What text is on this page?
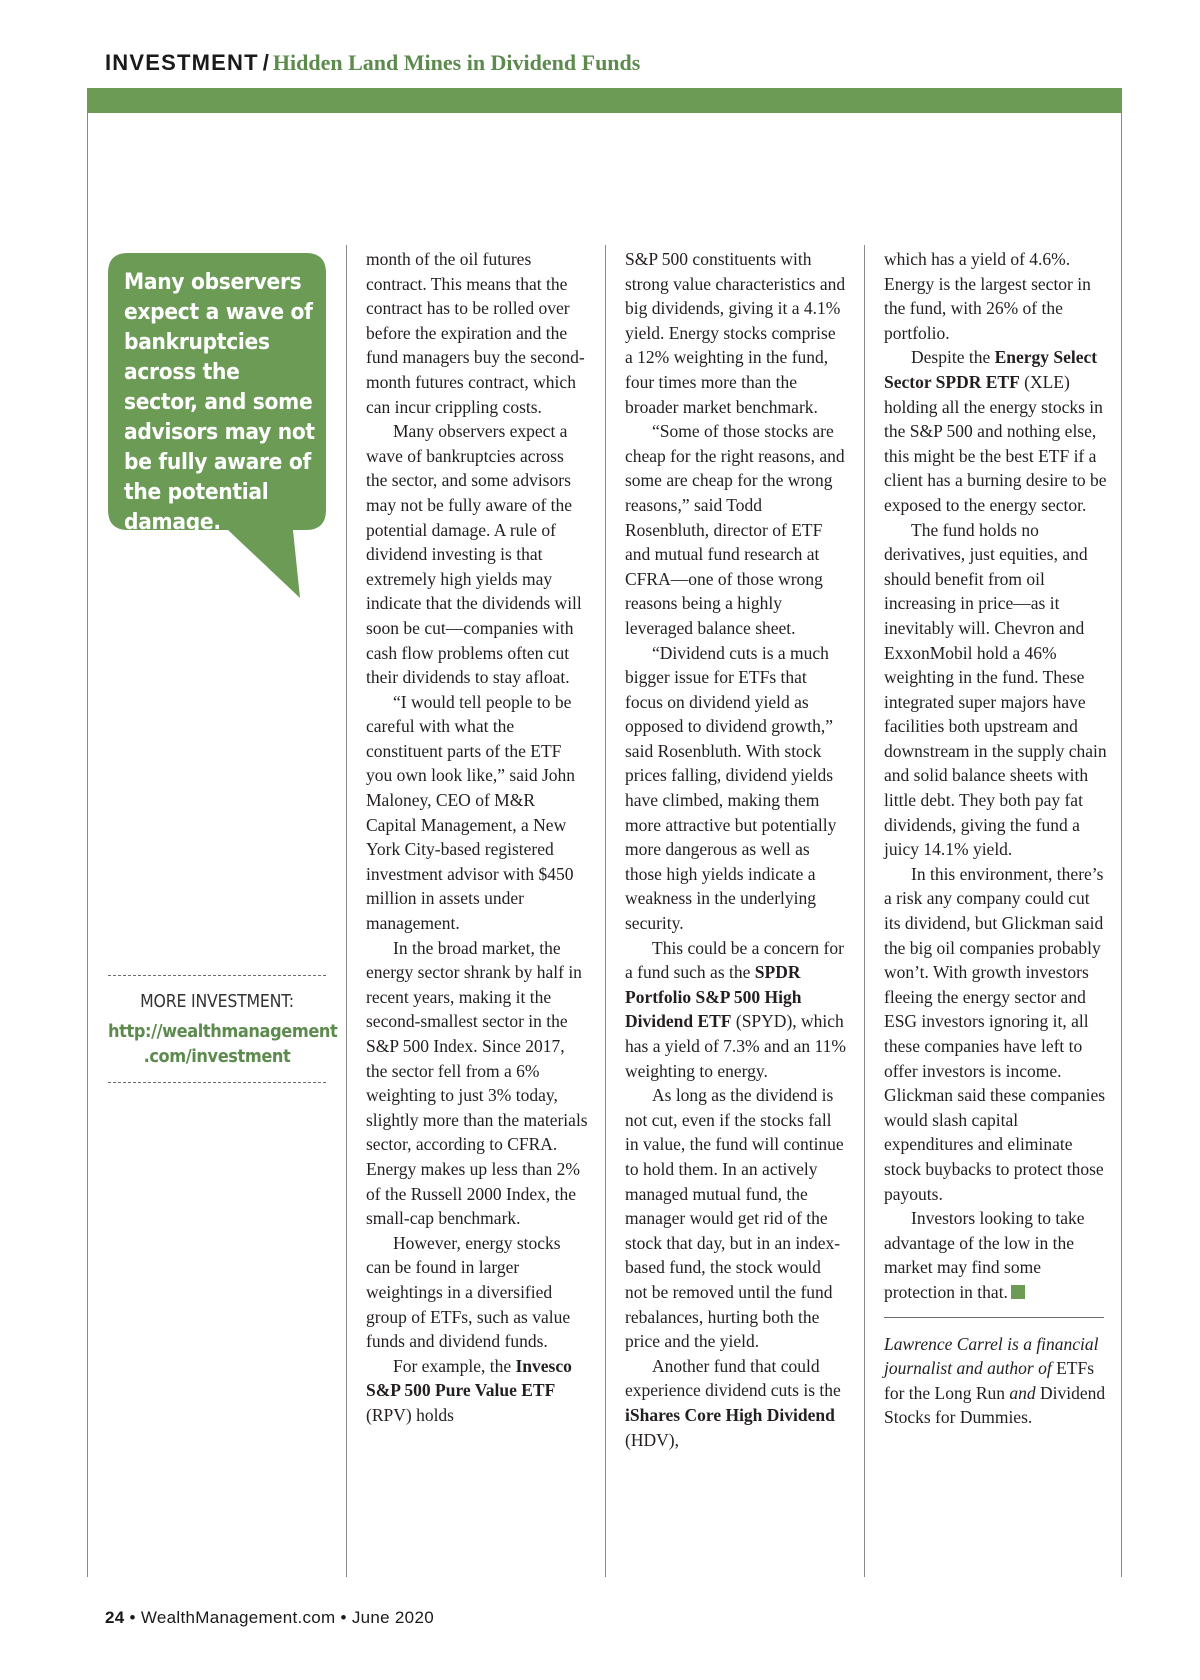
INVESTMENT / Hidden Land Mines in Dividend Funds
Many observers expect a wave of bankruptcies across the sector, and some advisors may not be fully aware of the potential damage.
MORE INVESTMENT:
http://wealthmanagement
.com/investment

month of the oil futures contract. This means that the contract has to be rolled over before the expiration and the fund managers buy the second-month futures contract, which can incur crippling costs.

Many observers expect a wave of bankruptcies across the sector, and some advisors may not be fully aware of the potential damage. A rule of dividend investing is that extremely high yields may indicate that the dividends will soon be cut—companies with cash flow problems often cut their dividends to stay afloat.

“I would tell people to be careful with what the constituent parts of the ETF you own look like,” said John Maloney, CEO of M&R Capital Management, a New York City-based registered investment advisor with $450 million in assets under management.

In the broad market, the energy sector shrank by half in recent years, making it the second-smallest sector in the S&P 500 Index. Since 2017, the sector fell from a 6% weighting to just 3% today, slightly more than the materials sector, according to CFRA. Energy makes up less than 2% of the Russell 2000 Index, the small-cap benchmark.

However, energy stocks can be found in larger weightings in a diversified group of ETFs, such as value funds and dividend funds.

For example, the Invesco S&P 500 Pure Value ETF (RPV) holds

S&P 500 constituents with strong value characteristics and big dividends, giving it a 4.1% yield. Energy stocks comprise a 12% weighting in the fund, four times more than the broader market benchmark.

“Some of those stocks are cheap for the right reasons, and some are cheap for the wrong reasons,” said Todd Rosenbluth, director of ETF and mutual fund research at CFRA—one of those wrong reasons being a highly leveraged balance sheet.

“Dividend cuts is a much bigger issue for ETFs that focus on dividend yield as opposed to dividend growth,” said Rosenbluth. With stock prices falling, dividend yields have climbed, making them more attractive but potentially more dangerous as well as those high yields indicate a weakness in the underlying security.

This could be a concern for a fund such as the SPDR Portfolio S&P 500 High Dividend ETF (SPYD), which has a yield of 7.3% and an 11% weighting to energy.

As long as the dividend is not cut, even if the stocks fall in value, the fund will continue to hold them. In an actively managed mutual fund, the manager would get rid of the stock that day, but in an index-based fund, the stock would not be removed until the fund rebalances, hurting both the price and the yield.

Another fund that could experience dividend cuts is the iShares Core High Dividend (HDV),

which has a yield of 4.6%. Energy is the largest sector in the fund, with 26% of the portfolio.

Despite the Energy Select Sector SPDR ETF (XLE) holding all the energy stocks in the S&P 500 and nothing else, this might be the best ETF if a client has a burning desire to be exposed to the energy sector.

The fund holds no derivatives, just equities, and should benefit from oil increasing in price—as it inevitably will. Chevron and ExxonMobil hold a 46% weighting in the fund. These integrated super majors have facilities both upstream and downstream in the supply chain and solid balance sheets with little debt. They both pay fat dividends, giving the fund a juicy 14.1% yield.

In this environment, there’s a risk any company could cut its dividend, but Glickman said the big oil companies probably won’t. With growth investors fleeing the energy sector and ESG investors ignoring it, all these companies have left to offer investors is income. Glickman said these companies would slash capital expenditures and eliminate stock buybacks to protect those payouts.

Investors looking to take advantage of the low in the market may find some protection in that.

Lawrence Carrel is a financial journalist and author of ETFs for the Long Run and Dividend Stocks for Dummies.

24 • WealthManagement.com • June 2020
